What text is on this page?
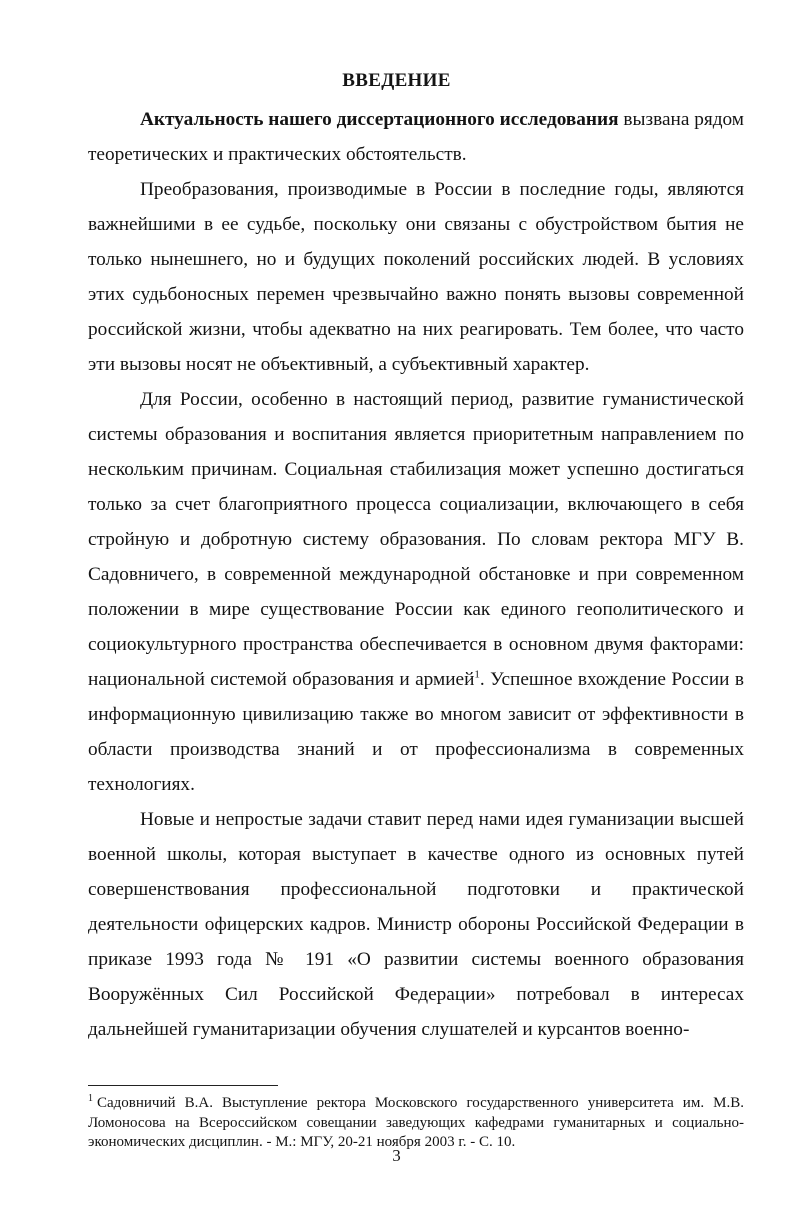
ВВЕДЕНИЕ

Актуальность нашего диссертационного исследования вызвана рядом теоретических и практических обстоятельств.

Преобразования, производимые в России в последние годы, являются важнейшими в ее судьбе, поскольку они связаны с обустройством бытия не только нынешнего, но и будущих поколений российских людей. В условиях этих судьбоносных перемен чрезвычайно важно понять вызовы современной российской жизни, чтобы адекватно на них реагировать. Тем более, что часто эти вызовы носят не объективный, а субъективный характер.

Для России, особенно в настоящий период, развитие гуманистической системы образования и воспитания является приоритетным направлением по нескольким причинам. Социальная стабилизация может успешно достигаться только за счет благоприятного процесса социализации, включающего в себя стройную и добротную систему образования. По словам ректора МГУ В. Садовничего, в современной международной обстановке и при современном положении в мире существование России как единого геополитического и социокультурного пространства обеспечивается в основном двумя факторами: национальной системой образования и армией$^1$. Успешное вхождение России в информационную цивилизацию также во многом зависит от эффективности в области производства знаний и от профессионализма в современных технологиях.

Новые и непростые задачи ставит перед нами идея гуманизации высшей военной школы, которая выступает в качестве одного из основных путей совершенствования профессиональной подготовки и практической деятельности офицерских кадров. Министр обороны Российской Федерации в приказе 1993 года № 191 «О развитии системы военного образования Вооружённых Сил Российской Федерации» потребовал в интересах дальнейшей гуманитаризации обучения слушателей и курсантов военно-

$^1$ Садовничий В.А. Выступление ректора Московского государственного университета им. М.В. Ломоносова на Всероссийском совещании заведующих кафедрами гуманитарных и социально-экономических дисциплин. - М.: МГУ, 20-21 ноября 2003 г. - С. 10.
3
